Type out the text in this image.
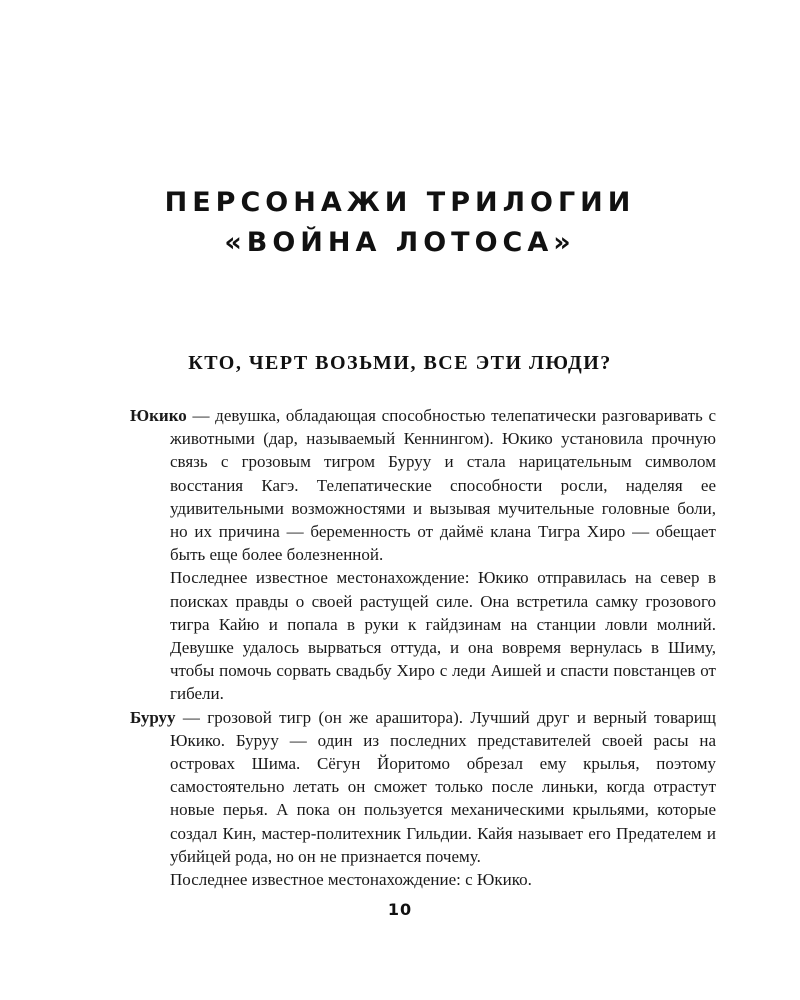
ПЕРСОНАЖИ ТРИЛОГИИ
«ВОЙНА ЛОТОСА»
КТО, ЧЕРТ ВОЗЬМИ, ВСЕ ЭТИ ЛЮДИ?

Юкико — девушка, обладающая способностью телепатически разговаривать с животными (дар, называемый Кеннингом). Юкико установила прочную связь с грозовым тигром Буруу и стала нарицательным символом восстания Кагэ. Телепатические способности росли, наделяя ее удивительными возможностями и вызывая мучительные головные боли, но их причина — беременность от даймё клана Тигра Хиро — обещает быть еще более болезненной.

Последнее известное местонахождение: Юкико отправилась на север в поисках правды о своей растущей силе. Она встретила самку грозового тигра Кайю и попала в руки к гайдзинам на станции ловли молний. Девушке удалось вырваться оттуда, и она вовремя вернулась в Шиму, чтобы помочь сорвать свадьбу Хиро с леди Аишей и спасти повстанцев от гибели.

Буруу — грозовой тигр (он же арашитора). Лучший друг и верный товарищ Юкико. Буруу — один из последних представителей своей расы на островах Шима. Сёгун Йоритомо обрезал ему крылья, поэтому самостоятельно летать он сможет только после линьки, когда отрастут новые перья. А пока он пользуется механическими крыльями, которые создал Кин, мастер-политехник Гильдии. Кайя называет его Предателем и убийцей рода, но он не признается почему.

Последнее известное местонахождение: с Юкико.

10
